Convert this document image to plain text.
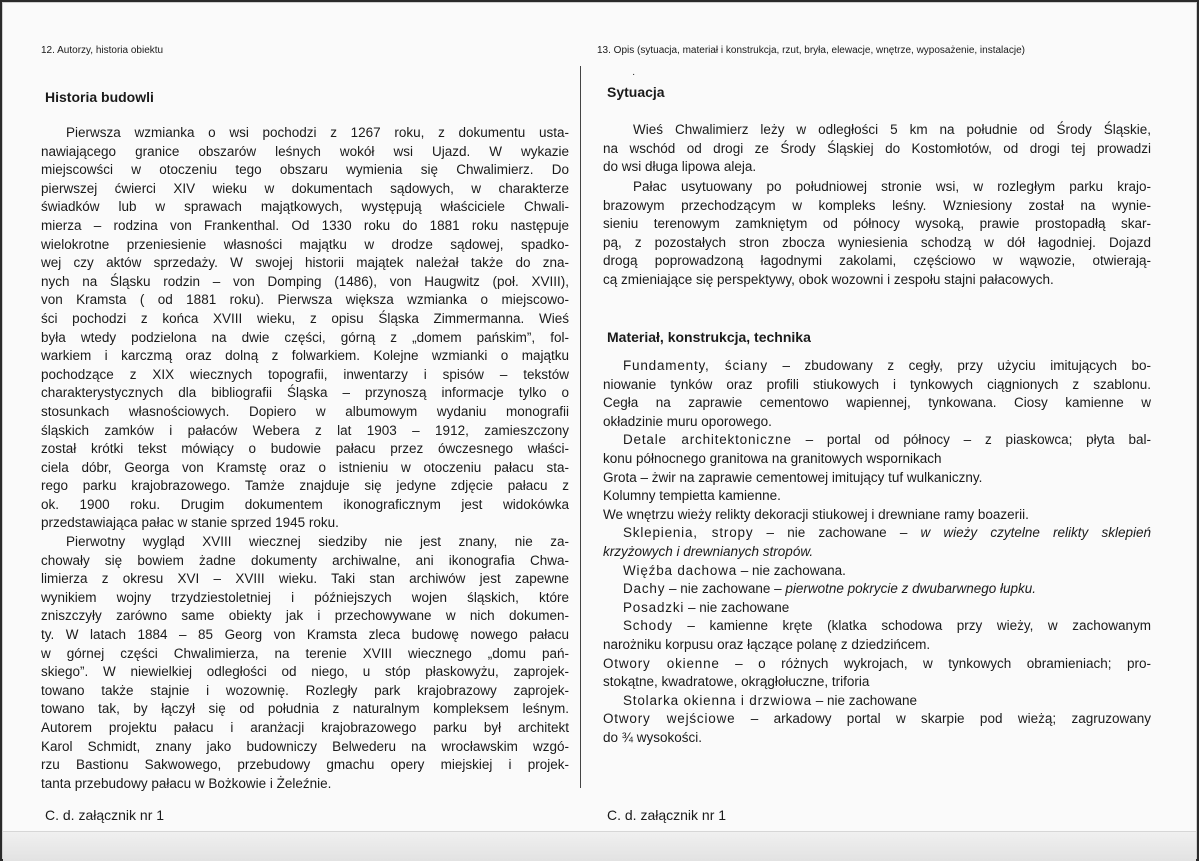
12. Autorzy, historia obiektu
Historia budowli
Pierwsza wzmianka o wsi pochodzi z 1267 roku, z dokumentu usta-
nawiającego granice obszarów leśnych wokół wsi Ujazd. W wykazie
miejscowści w otoczeniu tego obszaru wymienia się Chwalimierz. Do
pierwszej ćwierci XIV wieku w dokumentach sądowych, w charakterze
świadków lub w sprawach majątkowych, występują właściciele Chwali-
mierza – rodzina von Frankenthal. Od 1330 roku do 1881 roku następuje
wielokrotne przeniesienie własności majątku w drodze sądowej, spadko-
wej czy aktów sprzedaży. W swojej historii majątek należał także do zna-
nych na Śląsku rodzin – von Domping (1486), von Haugwitz (poł. XVIII),
von Kramsta ( od 1881 roku). Pierwsza większa wzmianka o miejscowo-
ści pochodzi z końca XVIII wieku, z opisu Śląska Zimmermanna. Wieś
była wtedy podzielona na dwie części, górną z „domem pańskim”, fol-
warkiem i karczmą oraz dolną z folwarkiem. Kolejne wzmianki o majątku
pochodzące z XIX wiecznych topografii, inwentarzy i spisów – tekstów
charakterystycznych dla bibliografii Śląska – przynoszą informacje tylko o
stosunkach własnościowych. Dopiero w albumowym wydaniu monografii
śląskich zamków i pałaców Webera z lat 1903 – 1912, zamieszczony
został krótki tekst mówiący o budowie pałacu przez ówczesnego właści-
ciela dóbr, Georga von Kramstę oraz o istnieniu w otoczeniu pałacu sta-
rego parku krajobrazowego. Tamże znajduje się jedyne zdjęcie pałacu z
ok. 1900 roku. Drugim dokumentem ikonograficznym jest widokówka
przedstawiająca pałac w stanie sprzed 1945 roku.
Pierwotny wygląd XVIII wiecznej siedziby nie jest znany, nie za-
chowały się bowiem żadne dokumenty archiwalne, ani ikonografia Chwa-
limierza z okresu XVI – XVIII wieku. Taki stan archiwów jest zapewne
wynikiem wojny trzydziestoletniej i późniejszych wojen śląskich, które
zniszczyły zarówno same obiekty jak i przechowywane w nich dokumen-
ty. W latach 1884 – 85 Georg von Kramsta zleca budowę nowego pałacu
w górnej części Chwalimierza, na terenie XVIII wiecznego „domu pań-
skiego”. W niewielkiej odległości od niego, u stóp płaskowyżu, zaprojek-
towano także stajnie i wozownię. Rozległy park krajobrazowy zaprojek-
towano tak, by łączył się od południa z naturalnym kompleksem leśnym.
Autorem projektu pałacu i aranżacji krajobrazowego parku był architekt
Karol Schmidt, znany jako budowniczy Belwederu na wrocławskim wzgó-
rzu Bastionu Sakwowego, przebudowy gmachu opery miejskiej i projek-
tanta przebudowy pałacu w Bożkowie i Żeleźnie.
C. d. załącznik nr 1
·
13. Opis (sytuacja, materiał i konstrukcja, rzut, bryła, elewacje, wnętrze, wyposażenie, instalacje)
Sytuacja
Wieś Chwalimierz leży w odległości 5 km na południe od Środy Śląskie,
na wschód od drogi ze Środy Śląskiej do Kostomłotów, od drogi tej prowadzi
do wsi długa lipowa aleja.
Pałac usytuowany po południowej stronie wsi, w rozległym parku krajo-
brazowym przechodzącym w kompleks leśny. Wzniesiony został na wynie-
sieniu terenowym zamkniętym od północy wysoką, prawie prostopadłą skar-
pą, z pozostałych stron zbocza wyniesienia schodzą w dół łagodniej. Dojazd
drogą poprowadzoną łagodnymi zakolami, częściowo w wąwozie, otwierają-
cą zmieniające się perspektywy, obok wozowni i zespołu stajni pałacowych.
Materiał, konstrukcja, technika
Fundamenty, ściany – zbudowany z cegły, przy użyciu imitujących bo-
niowanie tynków oraz profili stiukowych i tynkowych ciągnionych z szablonu.
Cegła na zaprawie cementowo wapiennej, tynkowana. Ciosy kamienne w
okładzinie muru oporowego.
Detale architektoniczne – portal od północy – z piaskowca; płyta bal-
konu północnego granitowa na granitowych wspornikach
Grota – żwir na zaprawie cementowej imitujący tuf wulkaniczny.
Kolumny tempietta kamienne.
We wnętrzu wieży relikty dekoracji stiukowej i drewniane ramy boazerii.
Sklepienia, stropy – nie zachowane – w wieży czytelne relikty sklepień
krzyżowych i drewnianych stropów.
Więźba dachowa – nie zachowana.
Dachy – nie zachowane – pierwotne pokrycie z dwubarwnego łupku.
Posadzki – nie zachowane
Schody – kamienne kręte (klatka schodowa przy wieży, w zachowanym
narożniku korpusu oraz łączące polanę z dziedzińcem.
Otwory okienne – o różnych wykrojach, w tynkowych obramieniach; pro-
stokątne, kwadratowe, okrągłołuczne, triforia
Stolarka okienna i drzwiowa – nie zachowane
Otwory wejściowe – arkadowy portal w skarpie pod wieżą; zagruzowany
do ¾ wysokości.
C. d. załącznik nr 1
